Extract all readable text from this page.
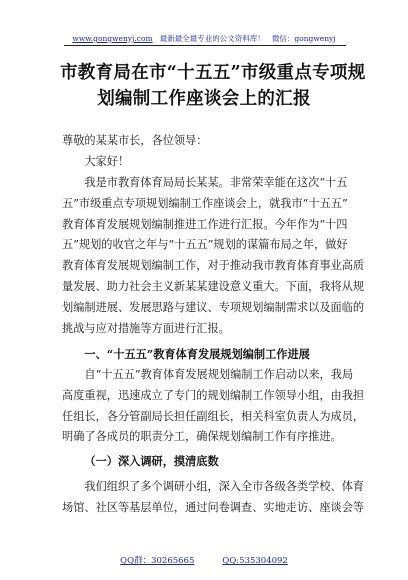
www.gongwenyj.com 最新最全最专业的公文资料库！ 微信：gongwenyj
市教育局在市“十五五”市级重点专项规
划编制工作座谈会上的汇报
尊敬的某某市长，各位领导：
大家好！
我是市教育体育局局长某某。非常荣幸能在这次“十五
五”市级重点专项规划编制工作座谈会上，就我市“十五五”
教育体育发展规划编制推进工作进行汇报。今年作为“十四
五”规划的收官之年与“十五五”规划的谋篇布局之年，做好
教育体育发展规划编制工作，对于推动我市教育体育事业高质
量发展、助力社会主义新某某建设意义重大。下面，我将从规
划编制进展、发展思路与建议、专项规划编制需求以及面临的
挑战与应对措施等方面进行汇报。
一、“十五五”教育体育发展规划编制工作进展
自“十五五”教育体育发展规划编制工作启动以来，我局
高度重视，迅速成立了专门的规划编制工作领导小组，由我担
任组长，各分管副局长担任副组长，相关科室负责人为成员，
明确了各成员的职责分工，确保规划编制工作有序推进。
（一）深入调研，摸清底数
我们组织了多个调研小组，深入全市各级各类学校、体育
场馆、社区等基层单位，通过问卷调查、实地走访、座谈会等
QQ群：30265665	QQ:535304092
